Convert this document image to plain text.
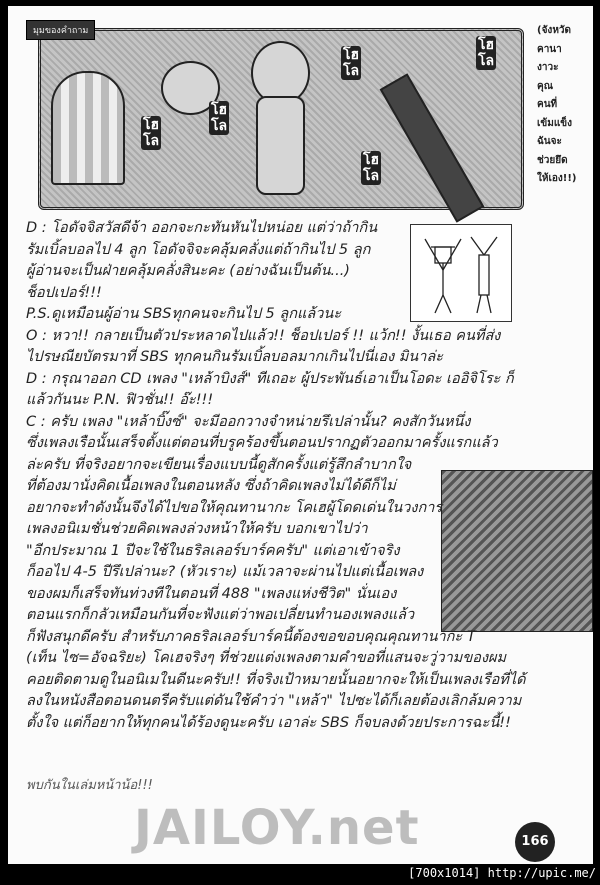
โฮ โล
โฮ โล
โฮ โล
โฮ โล
โฮ โล
มุมของคำถาม	(จังหวัด
คานา
งาวะ
คุณ
คนที่
เข้มแข็ง
ฉันจะ
ช่วยยึด
ให้เอง!!)
D : โอดัจจิสวัสดีจ้า ออกจะกะทันหันไปหน่อย แต่ว่าถ้ากิน
รัมเบิ้ลบอลไป 4 ลูก โอดัจจิจะคลุ้มคลั่งแต่ถ้ากินไป 5 ลูก
ผู้อ่านจะเป็นฝ่ายคลุ้มคลั่งสินะคะ (อย่างฉันเป็นต้น...)
ช็อปเปอร์!!!
P.S.ดูเหมือนผู้อ่าน SBSทุกคนจะกินไป 5 ลูกแล้วนะ
O : หวา!! กลายเป็นตัวประหลาดไปแล้ว!! ช็อปเปอร์ !! แว้ก!! งั้นเธอ คนที่ส่ง
ไปรษณียบัตรมาที่ SBS ทุกคนกินรัมเบิ้ลบอลมากเกินไปนี่เอง มินาล่ะ
D : กรุณาออก CD เพลง "เหล้าบิงส์" ทีเถอะ ผู้ประพันธ์เอาเป็นโอดะ เออิจิโระ ก็
แล้วกันนะ P.N. ฟิวชั่น!! อ๊ะ!!!
C : ครับ เพลง "เหล้าบิ๊งซ์" จะมีออกวางจำหน่ายรึเปล่านั้น? คงสักวันหนึ่ง
ซึ่งเพลงเรือนั้นเสร็จตั้งแต่ตอนที่บรูคร้องขึ้นตอนปรากฏตัวออกมาครั้งแรกแล้ว
ล่ะครับ ที่จริงอยากจะเขียนเรื่องแบบนี้ดูสักครั้งแต่รู้สึกลำบากใจ
ที่ต้องมานั่งคิดเนื้อเพลงในตอนหลัง ซึ่งถ้าคิดเพลงไม่ได้ดีก็ไม่
อยากจะทำดังนั้นจึงได้ไปขอให้คุณทานากะ โคเฮผู้โดดเด่นในวงการ
เพลงอนิเมชั่นช่วยคิดเพลงล่วงหน้าให้ครับ บอกเขาไปว่า
"อีกประมาณ 1 ปีจะใช้ในธริลเลอร์บาร์คครับ" แต่เอาเข้าจริง
ก็ออไป 4-5 ปีรึเปล่านะ? (หัวเราะ) แม้เวลาจะผ่านไปแต่เนื้อเพลง
ของผมก็เสร็จทันท่วงทีในตอนที่ 488 "เพลงแห่งชีวิต" นั่นเอง
ตอนแรกก็กลัวเหมือนกันที่จะฟังแต่ว่าพอเปลี่ยนทำนองเพลงแล้ว
ก็ฟังสนุกดีครับ สำหรับภาคธริลเลอร์บาร์คนี้ต้องขอขอบคุณคุณทานากะ T
(เท็น ไซ=อัจฉริยะ) โคเฮจริงๆ ที่ช่วยแต่งเพลงตามคำขอที่แสนจะวู่วามของผม
คอยติดตามดูในอนิเมในดีนะครับ!! ที่จริงเป้าหมายนั้นอยากจะให้เป็นเพลงเรือที่ได้
ลงในหนังสือตอนดนตรีครับแต่ดันใช้คำว่า "เหล้า" ไปซะได้ก็เลยต้องเลิกล้มความ
ตั้งใจ แต่ก็อยากให้ทุกคนได้ร้องดูนะครับ เอาล่ะ SBS ก็จบลงด้วยประการฉะนี้!!
พบกันในเล่มหน้าน้อ!!!
JAILOY.net	166
[700x1014] http://upic.me/
